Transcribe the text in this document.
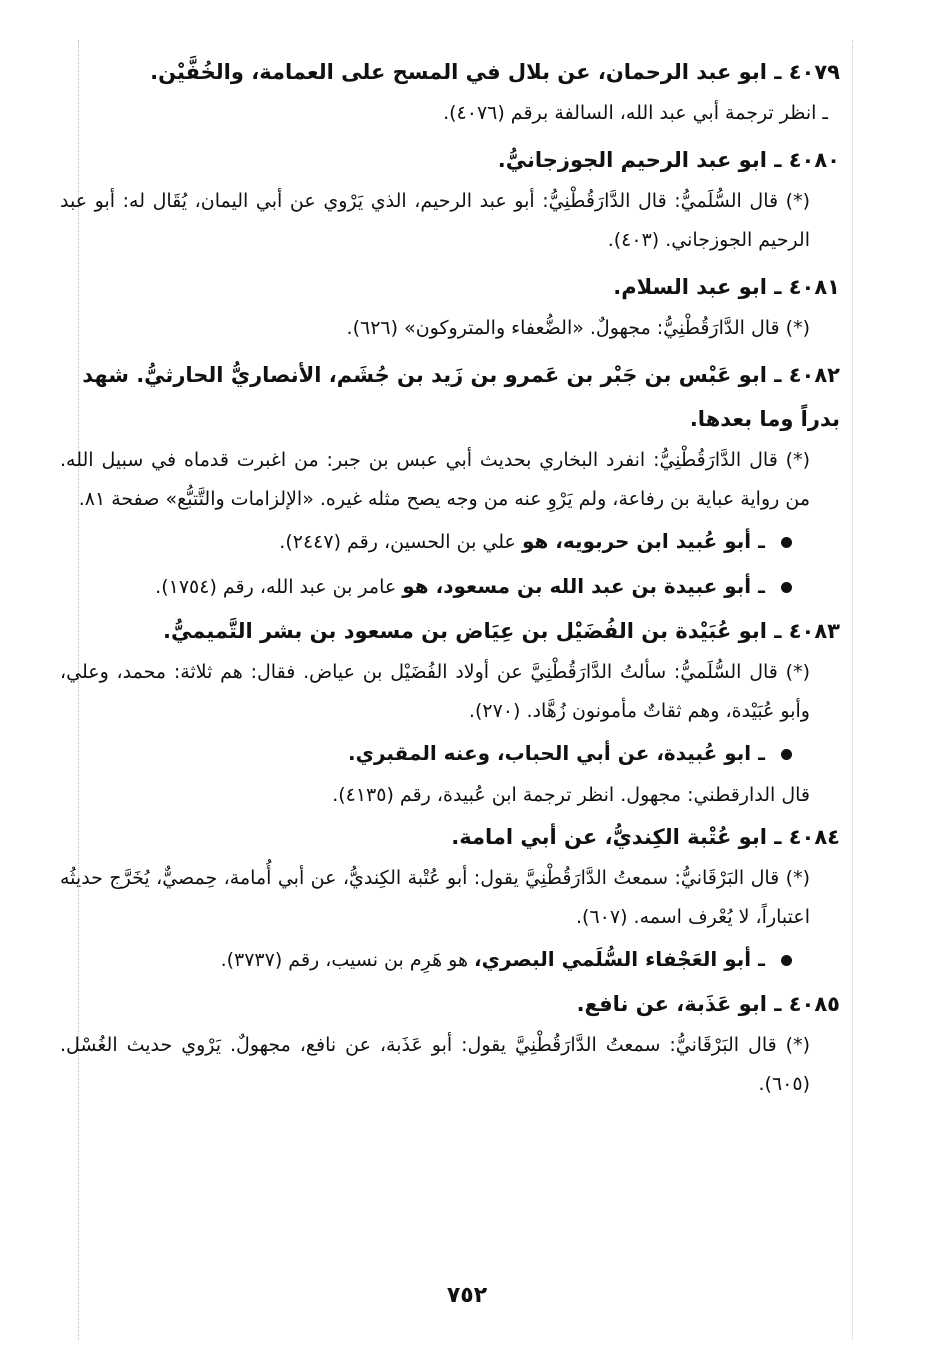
٤٠٧٩ ـ ابو عبد الرحمان، عن بلال في المسح على العمامة، والخُفَّيْن.

ـ انظر ترجمة أبي عبد الله، السالفة برقم (٤٠٧٦).

٤٠٨٠ ـ ابو عبد الرحيم الجوزجانيُّ.

(*) قال السُّلَميُّ: قال الدَّارَقُطْنِيُّ: أبو عبد الرحيم، الذي يَرْوي عن أبي اليمان، يُقَال له: أبو عبد الرحيم الجوزجاني. (٤٠٣).

٤٠٨١ ـ ابو عبد السلام.

(*) قال الدَّارَقُطْنِيُّ: مجهولٌ. «الضُّعفاء والمتروكون» (٦٢٦).

٤٠٨٢ ـ ابو عَبْس بن جَبْر بن عَمرو بن زَيد بن جُشَم، الأنصاريُّ الحارثيُّ. شهد بدراً وما بعدها.

(*) قال الدَّارَقُطْنِيُّ: انفرد البخاري بحديث أبي عبس بن جبر: من اغبرت قدماه في سبيل الله. من رواية عباية بن رفاعة، ولم يَرْوِ عنه من وجه يصح مثله غيره. «الإلزامات والتَّتبُّع» صفحة ٨١.

ـ أبو عُبيد ابن حربويه، هو علي بن الحسين، رقم (٢٤٤٧).

ـ أبو عبيدة بن عبد الله بن مسعود، هو عامر بن عبد الله، رقم (١٧٥٤).

٤٠٨٣ ـ ابو عُبَيْدة بن الفُضَيْل بن عِيَاض بن مسعود بن بشر التَّميميُّ.

(*) قال السُّلَميُّ: سألتُ الدَّارَقُطْنِيَّ عن أولاد الفُضَيْل بن عياض. فقال: هم ثلاثة: محمد، وعلي، وأبو عُبَيْدة، وهم ثقاتٌ مأمونون زُهَّاد. (٢٧٠).

ـ ابو عُبيدة، عن أبي الحباب، وعنه المقبري.

قال الدارقطني: مجهول. انظر ترجمة ابن عُبيدة، رقم (٤١٣٥).

٤٠٨٤ ـ ابو عُتْبة الكِنديُّ، عن أبي امامة.

(*) قال البَرْقَانيُّ: سمعتُ الدَّارَقُطْنِيَّ يقول: أبو عُتْبة الكِنديُّ، عن أبي أُمامة، حِمصيٌّ، يُخَرَّج حديثُه اعتباراً، لا يُعْرف اسمه. (٦٠٧).

ـ أبو العَجْفاء السُّلَمي البصري، هو هَرِم بن نسيب، رقم (٣٧٣٧).

٤٠٨٥ ـ ابو عَذَبة، عن نافع.

(*) قال البَرْقَانيُّ: سمعتُ الدَّارَقُطْنِيَّ يقول: أبو عَذَبة، عن نافع، مجهولٌ. يَرْوي حديث الغُسْل. (٦٠٥).

٧٥٢
